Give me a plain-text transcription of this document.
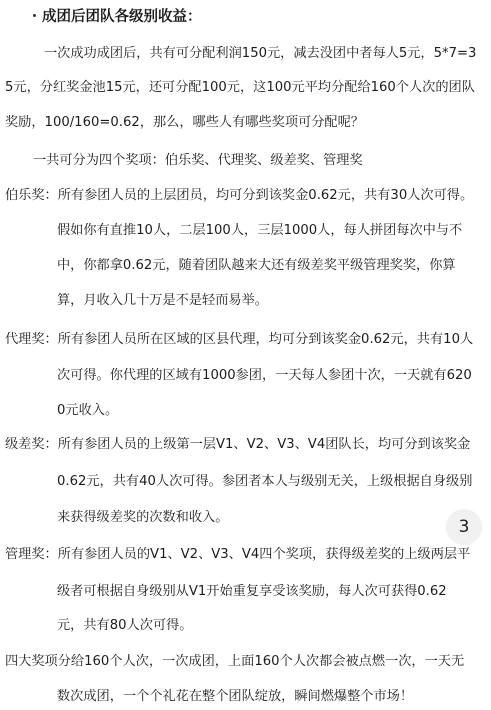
成团后团队各级别收益：
一次成功成团后，共有可分配利润150元，减去没团中者每人5元，5*7=3
5元，分红奖金池15元，还可分配100元，这100元平均分配给160个人次的团队
奖励，100/160=0.62，那么，哪些人有哪些奖项可分配呢？
一共可分为四个奖项：伯乐奖、代理奖、级差奖、管理奖
伯乐奖：所有参团人员的上层团员，均可分到该奖金0.62元，共有30人次可得。
假如你有直推10人，二层100人，三层1000人，每人拼团每次中与不
中，你都拿0.62元，随着团队越来大还有级差奖平级管理奖奖，你算
算，月收入几十万是不是轻而易举。
代理奖：所有参团人员所在区域的区县代理，均可分到该奖金0.62元，共有10人
次可得。你代理的区域有1000参团，一天每人参团十次，一天就有620
0元收入。
级差奖：所有参团人员的上级第一层V1、V2、V3、V4团队长，均可分到该奖金
0.62元，共有40人次可得。参团者本人与级别无关，上级根据自身级别
来获得级差奖的次数和收入。
管理奖：所有参团人员的V1、V2、V3、V4四个奖项，获得级差奖的上级两层平
级者可根据自身级别从V1开始重复享受该奖励，每人次可获得0.62
元，共有80人次可得。
四大奖项分给160个人次，一次成团，上面160个人次都会被点燃一次，一天无
数次成团，一个个礼花在整个团队绽放，瞬间燃爆整个市场！
3
